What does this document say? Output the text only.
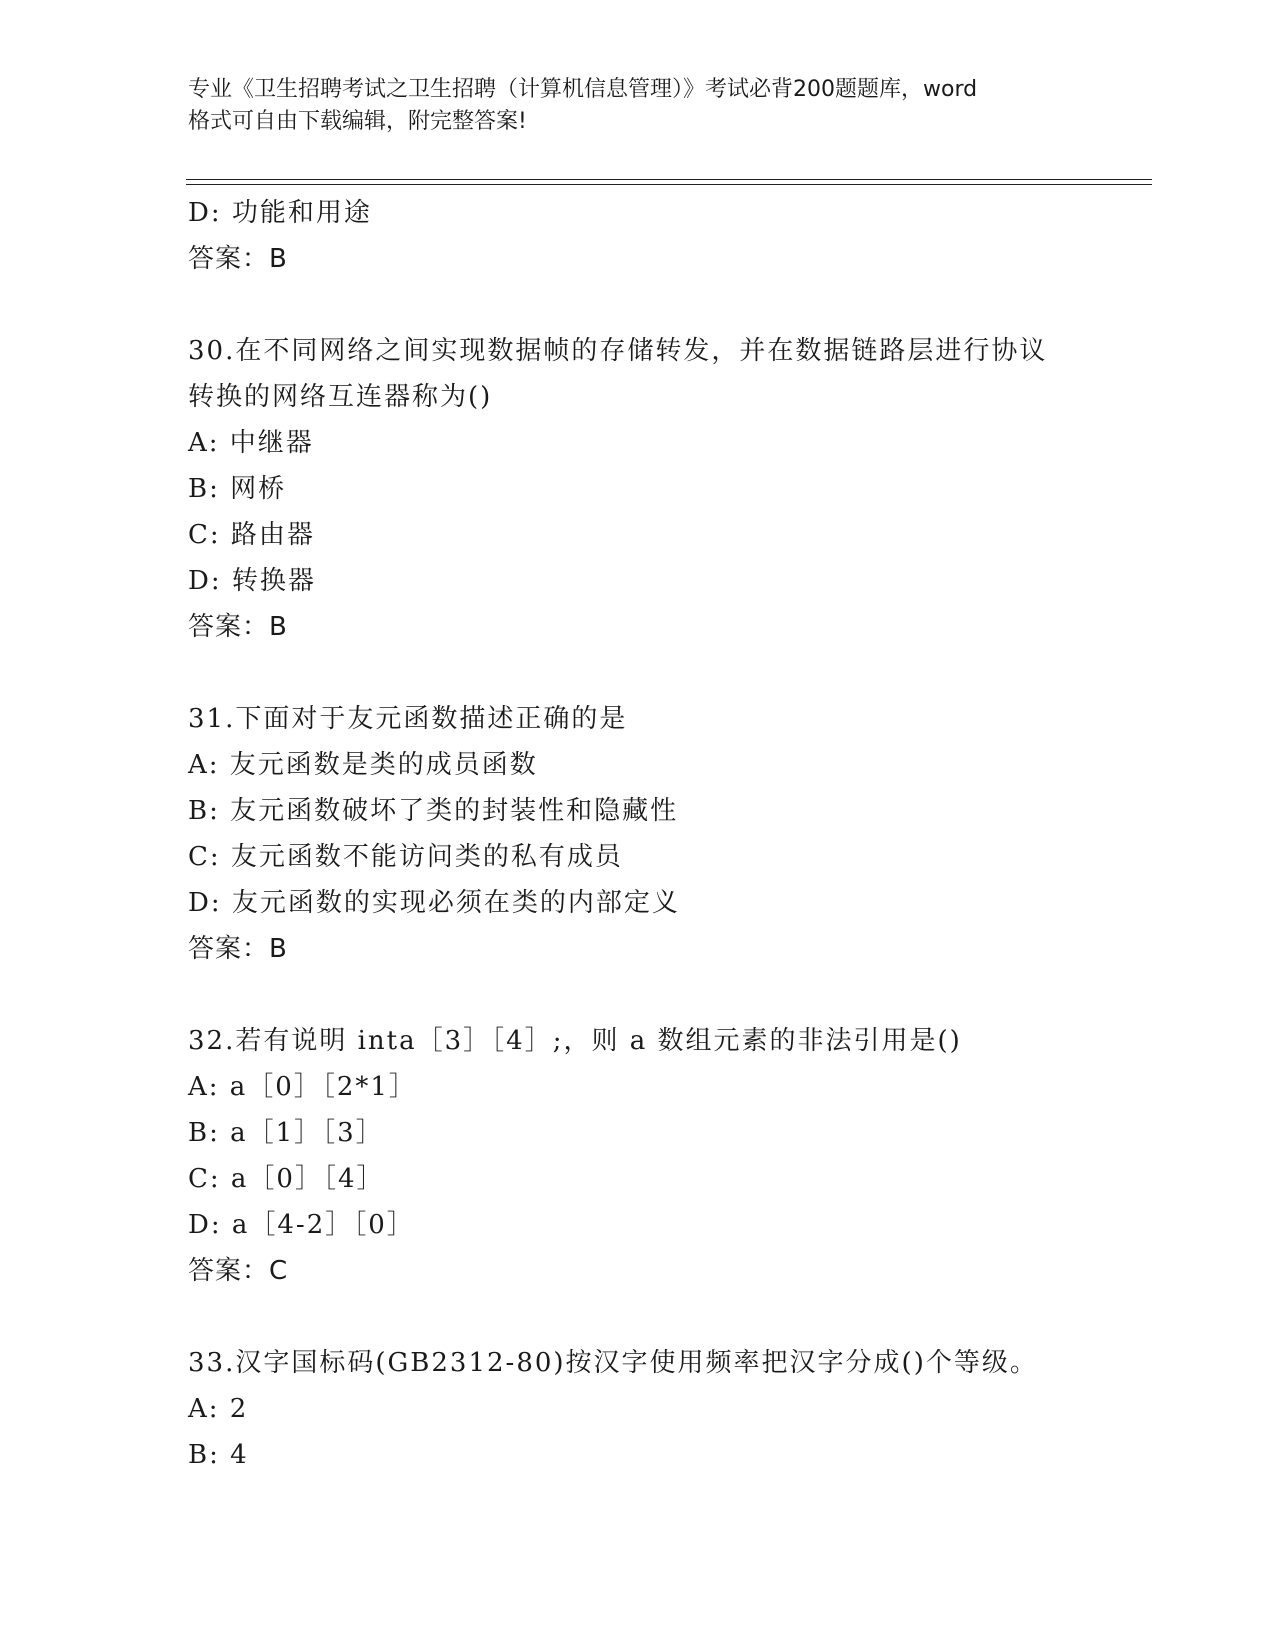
专业《卫生招聘考试之卫生招聘（计算机信息管理）》考试必背200题题库，word
格式可自由下载编辑，附完整答案!
D: 功能和用途
答案：B
30.在不同网络之间实现数据帧的存储转发，并在数据链路层进行协议
转换的网络互连器称为()
A: 中继器
B: 网桥
C: 路由器
D: 转换器
答案：B
31.下面对于友元函数描述正确的是
A: 友元函数是类的成员函数
B: 友元函数破坏了类的封装性和隐藏性
C: 友元函数不能访问类的私有成员
D: 友元函数的实现必须在类的内部定义
答案：B
32.若有说明 inta［3］［4］;，则 a 数组元素的非法引用是()
A: a［0］［2*1］
B: a［1］［3］
C: a［0］［4］
D: a［4-2］［0］
答案：C
33.汉字国标码(GB2312-80)按汉字使用频率把汉字分成()个等级。
A: 2
B: 4
